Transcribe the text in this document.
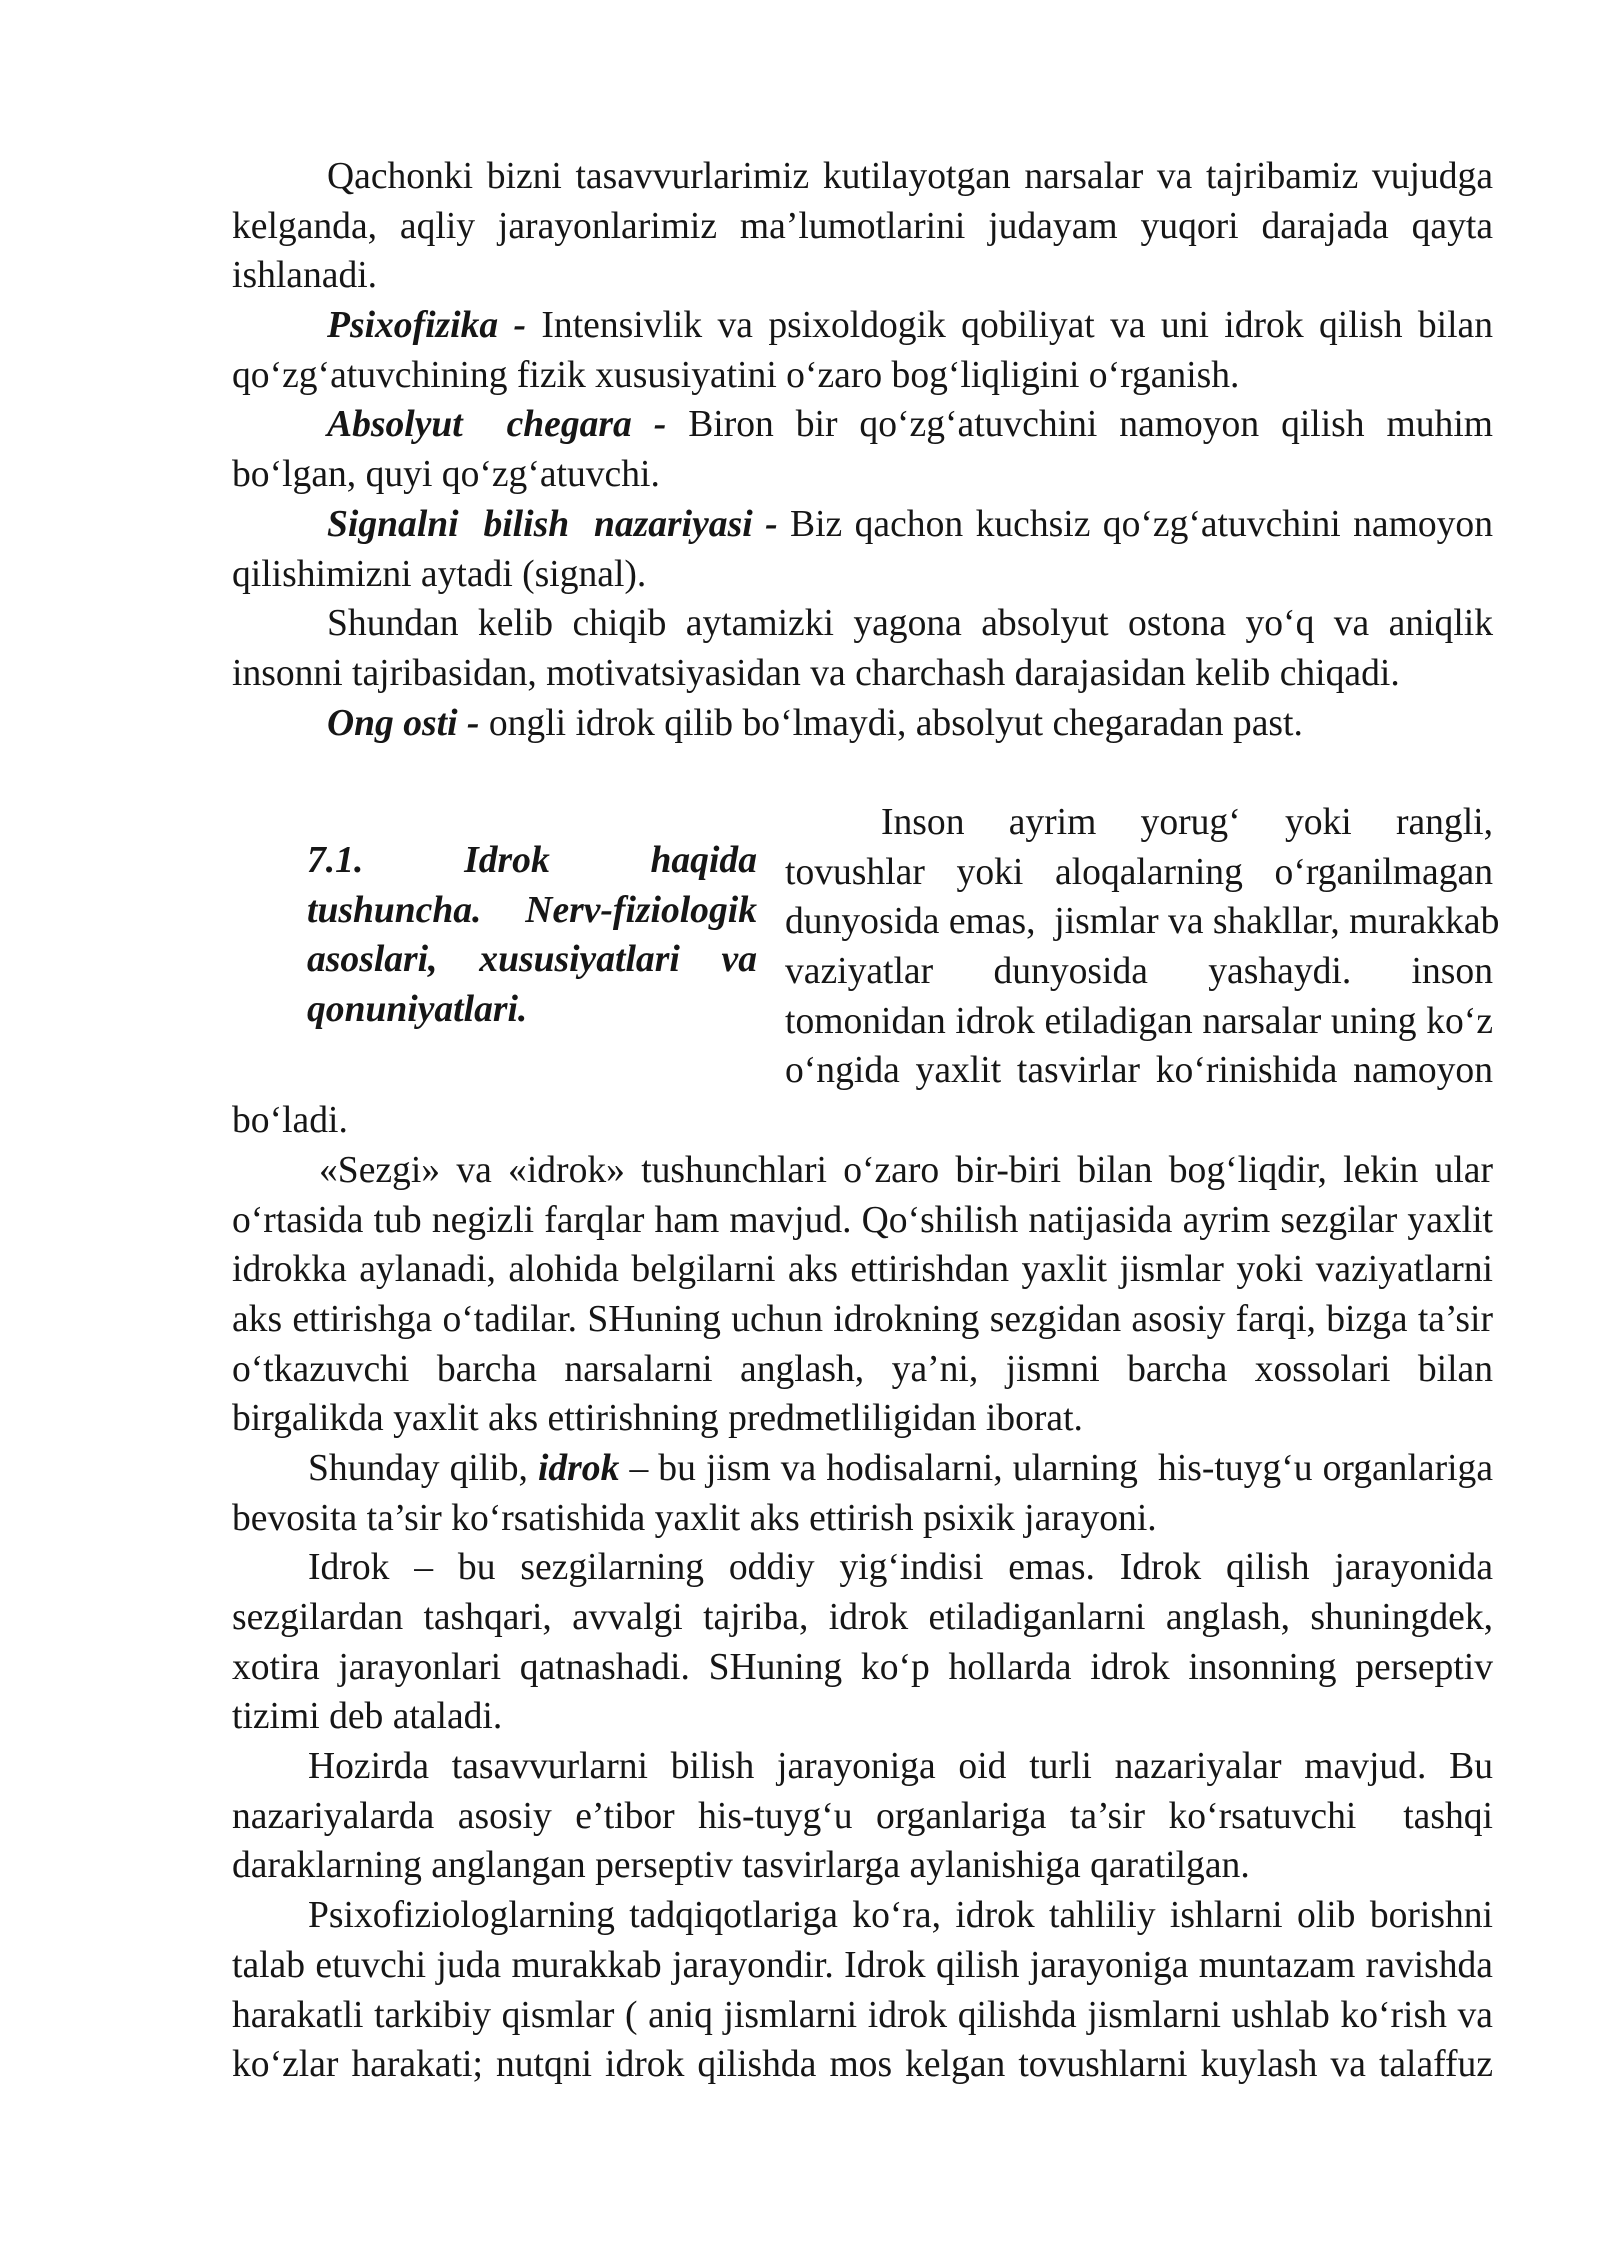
Qachonki bizni tasavvurlarimiz kutilayotgan narsalar va tajribamiz vujudga
kelganda, aqliy jarayonlarimiz ma’lumotlarini judayam yuqori darajada qayta
ishlanadi.
Psixofizika - Intensivlik va psixoldogik qobiliyat va uni idrok qilish bilan
qo‘zg‘atuvchining fizik xususiyatini o‘zaro bog‘liqligini o‘rganish.
Absolyut  chegara - Biron bir qo‘zg‘atuvchini namoyon qilish muhim
bo‘lgan, quyi qo‘zg‘atuvchi.
Signalni  bilish  nazariyasi - Biz qachon kuchsiz qo‘zg‘atuvchini namoyon
qilishimizni aytadi (signal).
Shundan kelib chiqib aytamizki yagona absolyut ostona yo‘q va aniqlik
insonni tajribasidan, motivatsiyasidan va charchash darajasidan kelib chiqadi.
Ong osti - ongli idrok qilib bo‘lmaydi, absolyut chegaradan past.
7.1. Idrok haqida
tushuncha. Nerv-fiziologik
asoslari, xususiyatlari va
qonuniyatlari.
Inson ayrim yorug‘ yoki rangli,
tovushlar yoki aloqalarning o‘rganilmagan
dunyosida emas,  jismlar va shakllar, murakkab
vaziyatlar dunyosida yashaydi. inson
tomonidan idrok etiladigan narsalar uning ko‘z
o‘ngida yaxlit tasvirlar ko‘rinishida namoyon
bo‘ladi.
«Sezgi» va «idrok» tushunchlari o‘zaro bir-biri bilan bog‘liqdir, lekin ular
o‘rtasida tub negizli farqlar ham mavjud. Qo‘shilish natijasida ayrim sezgilar yaxlit
idrokka aylanadi, alohida belgilarni aks ettirishdan yaxlit jismlar yoki vaziyatlarni
aks ettirishga o‘tadilar. SHuning uchun idrokning sezgidan asosiy farqi, bizga ta’sir
o‘tkazuvchi barcha narsalarni anglash, ya’ni, jismni barcha xossolari bilan
birgalikda yaxlit aks ettirishning predmetliligidan iborat.
Shunday qilib, idrok – bu jism va hodisalarni, ularning  his-tuyg‘u organlariga
bevosita ta’sir ko‘rsatishida yaxlit aks ettirish psixik jarayoni.
Idrok – bu sezgilarning oddiy yig‘indisi emas. Idrok qilish jarayonida
sezgilardan tashqari, avvalgi tajriba, idrok etiladiganlarni anglash, shuningdek,
xotira jarayonlari qatnashadi. SHuning ko‘p hollarda idrok insonning perseptiv
tizimi deb ataladi.
Hozirda tasavvurlarni bilish jarayoniga oid turli nazariyalar mavjud. Bu
nazariyalarda asosiy e’tibor his-tuyg‘u organlariga ta’sir ko‘rsatuvchi  tashqi
daraklarning anglangan perseptiv tasvirlarga aylanishiga qaratilgan.
Psixofiziologlarning tadqiqotlariga ko‘ra, idrok tahliliy ishlarni olib borishni
talab etuvchi juda murakkab jarayondir. Idrok qilish jarayoniga muntazam ravishda
harakatli tarkibiy qismlar ( aniq jismlarni idrok qilishda jismlarni ushlab ko‘rish va
ko‘zlar harakati; nutqni idrok qilishda mos kelgan tovushlarni kuylash va talaffuz
